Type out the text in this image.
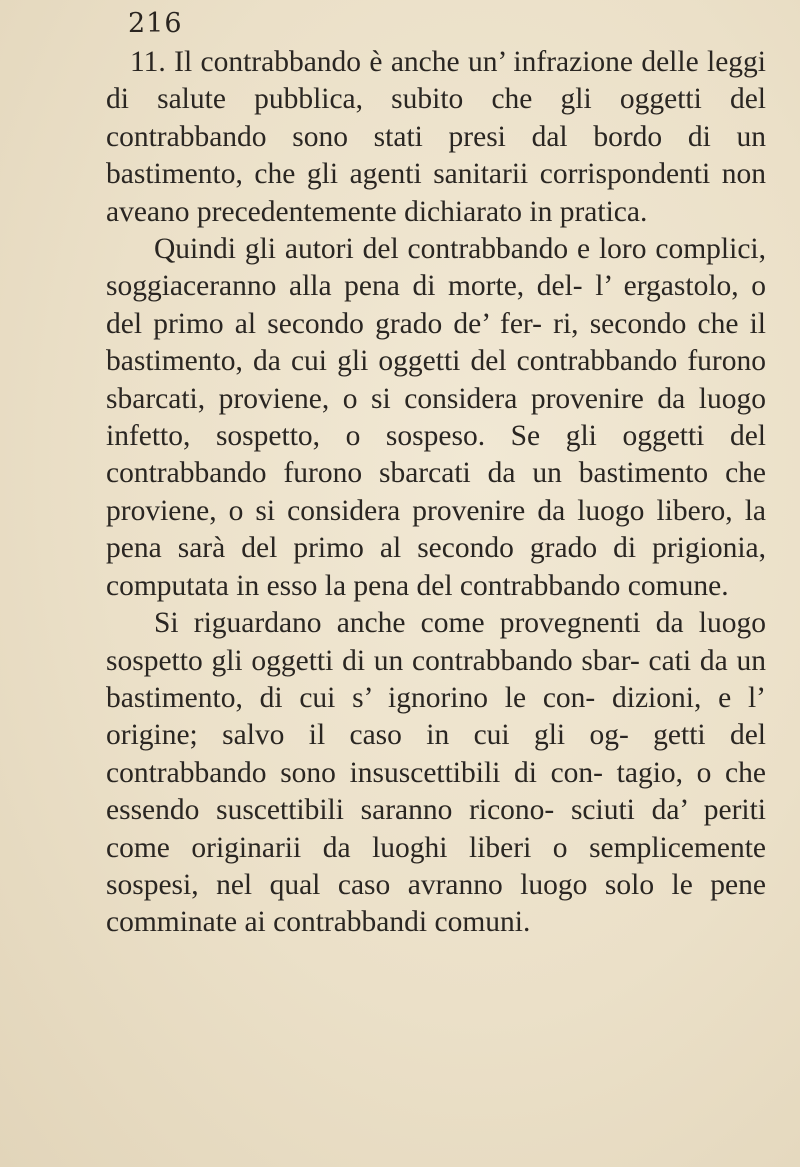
216

11. Il contrabbando è anche un’ infrazione delle leggi di salute pubblica, subito che gli oggetti del contrabbando sono stati presi dal bordo di un bastimento, che gli agenti sanitarii corrispondenti non aveano precedentemente dichiarato in pratica.

Quindi gli autori del contrabbando e loro complici, soggiaceranno alla pena di morte, del- l’ ergastolo, o del primo al secondo grado de’ fer- ri, secondo che il bastimento, da cui gli oggetti del contrabbando furono sbarcati, proviene, o si considera provenire da luogo infetto, sospetto, o sospeso. Se gli oggetti del contrabbando furono sbarcati da un bastimento che proviene, o si considera provenire da luogo libero, la pena sarà del primo al secondo grado di prigionia, computata in esso la pena del contrabbando comune.

Si riguardano anche come provegnenti da luogo sospetto gli oggetti di un contrabbando sbar- cati da un bastimento, di cui s’ ignorino le con- dizioni, e l’ origine; salvo il caso in cui gli og- getti del contrabbando sono insuscettibili di con- tagio, o che essendo suscettibili saranno ricono- sciuti da’ periti come originarii da luoghi liberi o semplicemente sospesi, nel qual caso avranno luogo solo le pene comminate ai contrabbandi comuni.
